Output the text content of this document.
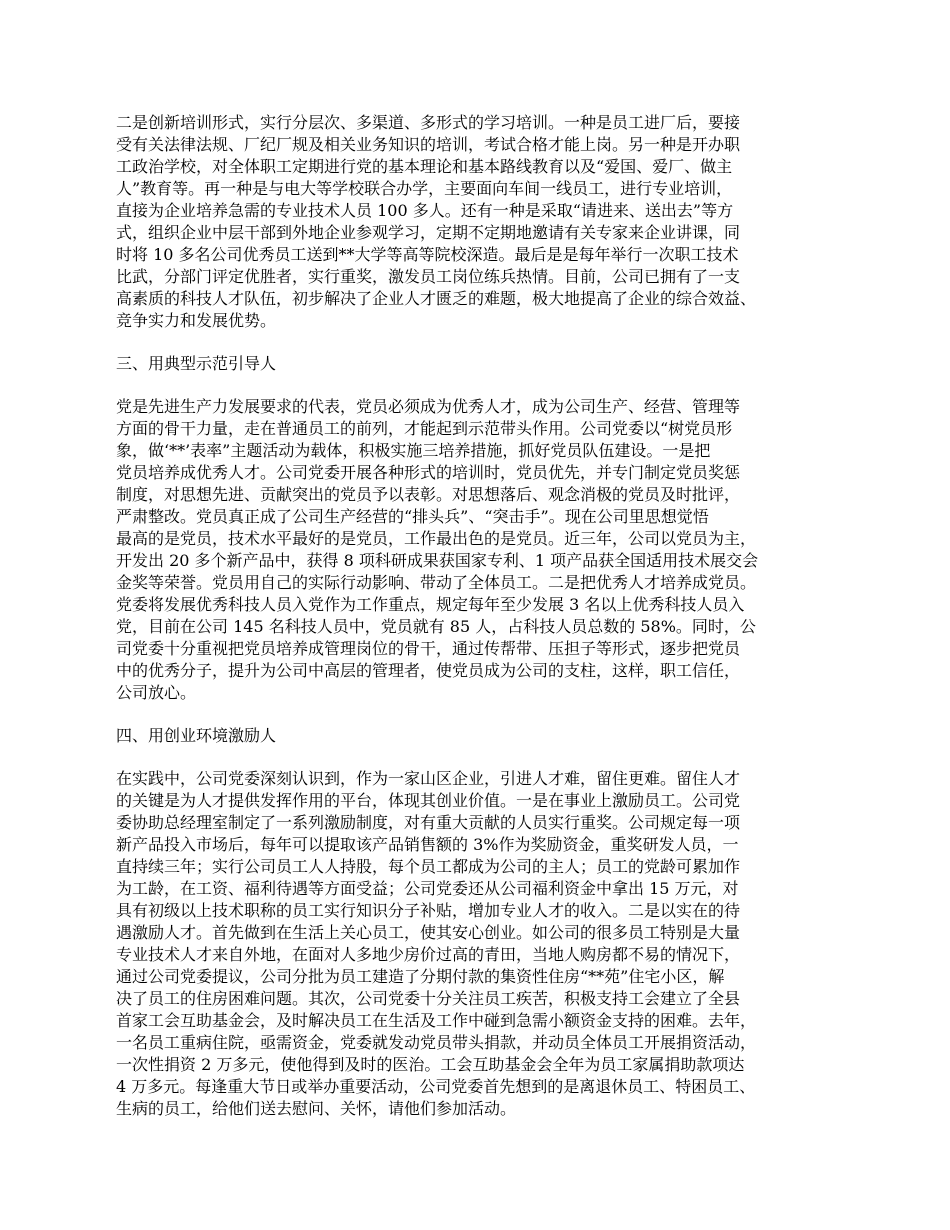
二是创新培训形式，实行分层次、多渠道、多形式的学习培训。一种是员工进厂后，要接
受有关法律法规、厂纪厂规及相关业务知识的培训，考试合格才能上岗。另一种是开办职
工政治学校，对全体职工定期进行党的基本理论和基本路线教育以及“爱国、爱厂、做主
人”教育等。再一种是与电大等学校联合办学，主要面向车间一线员工，进行专业培训，
直接为企业培养急需的专业技术人员 100 多人。还有一种是采取“请进来、送出去”等方
式，组织企业中层干部到外地企业参观学习，定期不定期地邀请有关专家来企业讲课，同
时将 10 多名公司优秀员工送到**大学等高等院校深造。最后是是每年举行一次职工技术
比武，分部门评定优胜者，实行重奖，激发员工岗位练兵热情。目前，公司已拥有了一支
高素质的科技人才队伍，初步解决了企业人才匮乏的难题，极大地提高了企业的综合效益、
竞争实力和发展优势。

三、用典型示范引导人

党是先进生产力发展要求的代表，党员必须成为优秀人才，成为公司生产、经营、管理等
方面的骨干力量，走在普通员工的前列，才能起到示范带头作用。公司党委以“树党员形
象，做‘**’表率”主题活动为载体，积极实施三培养措施，抓好党员队伍建设。一是把
党员培养成优秀人才。公司党委开展各种形式的培训时，党员优先，并专门制定党员奖惩
制度，对思想先进、贡献突出的党员予以表彰。对思想落后、观念消极的党员及时批评，
严肃整改。党员真正成了公司生产经营的“排头兵”、“突击手”。现在公司里思想觉悟
最高的是党员，技术水平最好的是党员，工作最出色的是党员。近三年，公司以党员为主，
开发出 20 多个新产品中，获得 8 项科研成果获国家专利、1 项产品获全国适用技术展交会
金奖等荣誉。党员用自己的实际行动影响、带动了全体员工。二是把优秀人才培养成党员。
党委将发展优秀科技人员入党作为工作重点，规定每年至少发展 3 名以上优秀科技人员入
党，目前在公司 145 名科技人员中，党员就有 85 人，占科技人员总数的 58%。同时，公
司党委十分重视把党员培养成管理岗位的骨干，通过传帮带、压担子等形式，逐步把党员
中的优秀分子，提升为公司中高层的管理者，使党员成为公司的支柱，这样，职工信任，
公司放心。

四、用创业环境激励人

在实践中，公司党委深刻认识到，作为一家山区企业，引进人才难，留住更难。留住人才
的关键是为人才提供发挥作用的平台，体现其创业价值。一是在事业上激励员工。公司党
委协助总经理室制定了一系列激励制度，对有重大贡献的人员实行重奖。公司规定每一项
新产品投入市场后，每年可以提取该产品销售额的 3%作为奖励资金，重奖研发人员，一
直持续三年；实行公司员工人人持股，每个员工都成为公司的主人；员工的党龄可累加作
为工龄，在工资、福利待遇等方面受益；公司党委还从公司福利资金中拿出 15 万元，对
具有初级以上技术职称的员工实行知识分子补贴，增加专业人才的收入。二是以实在的待
遇激励人才。首先做到在生活上关心员工，使其安心创业。如公司的很多员工特别是大量
专业技术人才来自外地，在面对人多地少房价过高的青田，当地人购房都不易的情况下，
通过公司党委提议，公司分批为员工建造了分期付款的集资性住房“**苑”住宅小区，解
决了员工的住房困难问题。其次，公司党委十分关注员工疾苦，积极支持工会建立了全县
首家工会互助基金会，及时解决员工在生活及工作中碰到急需小额资金支持的困难。去年，
一名员工重病住院，亟需资金，党委就发动党员带头捐款，并动员全体员工开展捐资活动，
一次性捐资 2 万多元，使他得到及时的医治。工会互助基金会全年为员工家属捐助款项达
4 万多元。每逢重大节日或举办重要活动，公司党委首先想到的是离退休员工、特困员工、
生病的员工，给他们送去慰问、关怀，请他们参加活动。
